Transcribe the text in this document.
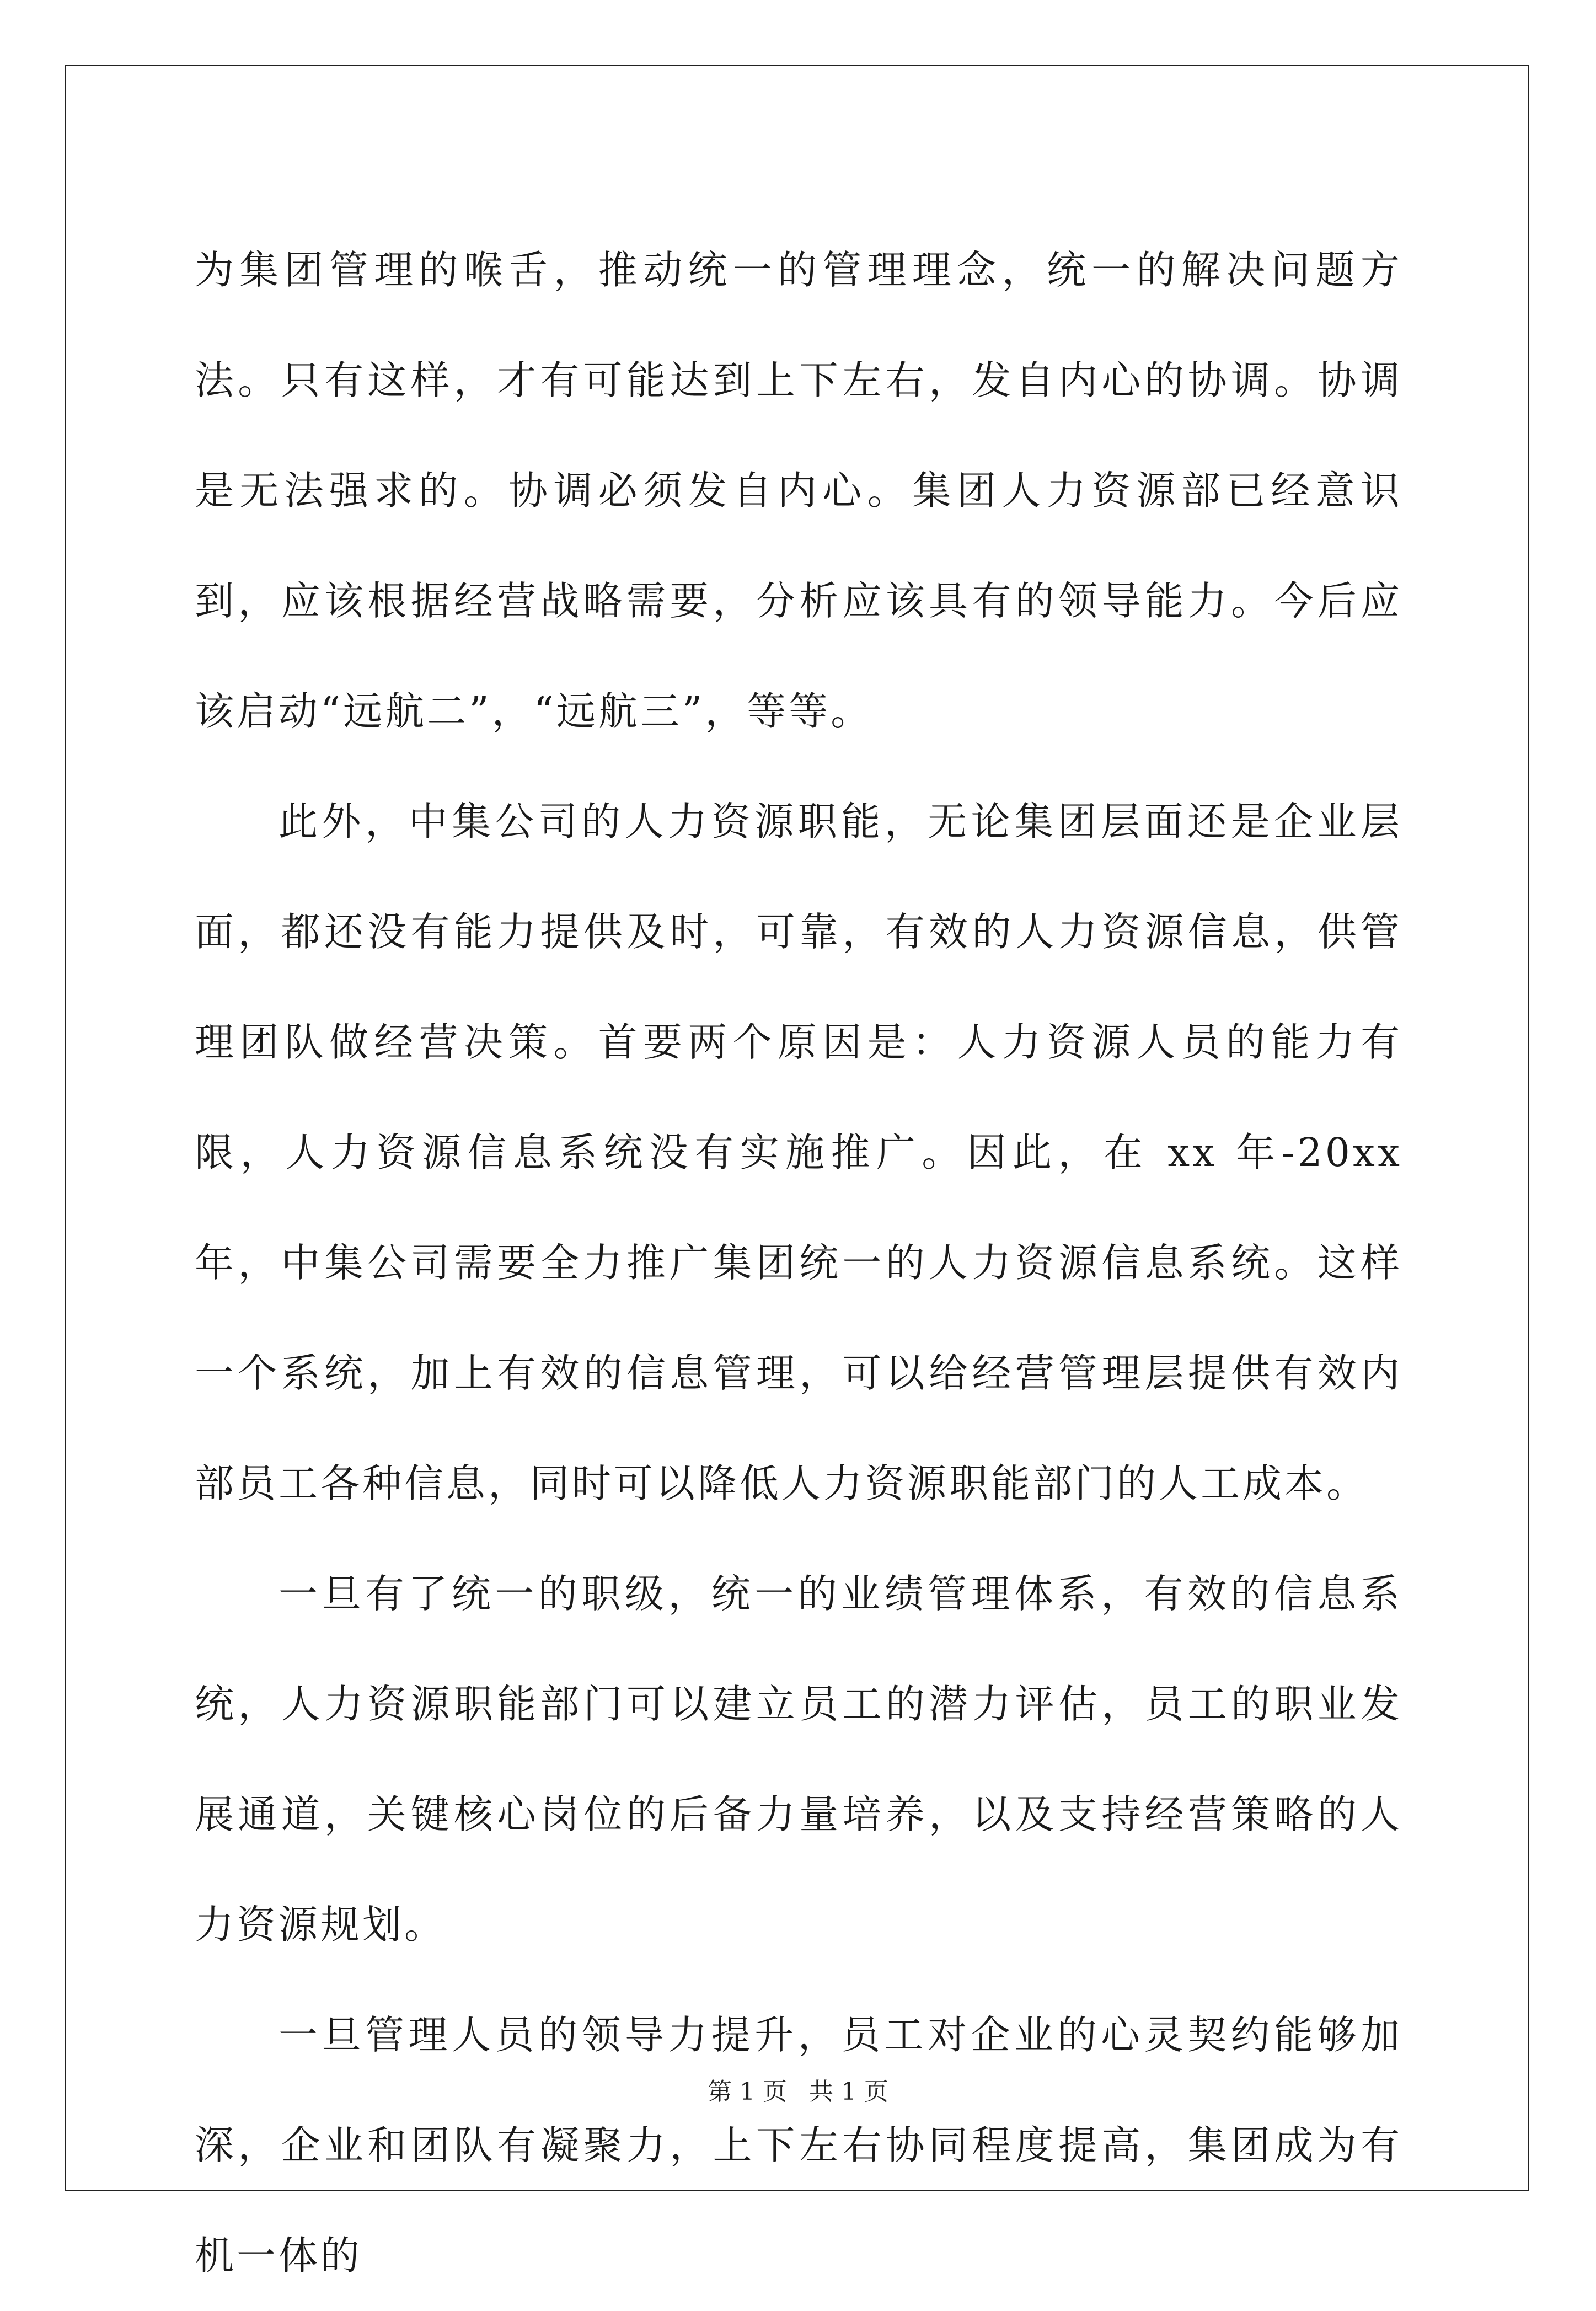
为集团管理的喉舌，推动统一的管理理念，统一的解决问题方法。只有这样，才有可能达到上下左右，发自内心的协调。协调是无法强求的。协调必须发自内心。集团人力资源部已经意识到，应该根据经营战略需要，分析应该具有的领导能力。今后应该启动“远航二”，“远航三”，等等。

此外，中集公司的人力资源职能，无论集团层面还是企业层面，都还没有能力提供及时，可靠，有效的人力资源信息，供管理团队做经营决策。首要两个原因是：人力资源人员的能力有限，人力资源信息系统没有实施推广。因此，在 xx 年-20xx 年，中集公司需要全力推广集团统一的人力资源信息系统。这样一个系统，加上有效的信息管理，可以给经营管理层提供有效内部员工各种信息，同时可以降低人力资源职能部门的人工成本。

一旦有了统一的职级，统一的业绩管理体系，有效的信息系统，人力资源职能部门可以建立员工的潜力评估，员工的职业发展通道，关键核心岗位的后备力量培养，以及支持经营策略的人力资源规划。

一旦管理人员的领导力提升，员工对企业的心灵契约能够加深，企业和团队有凝聚力，上下左右协同程度提高，集团成为有机一体的

第 1 页 共 1 页
